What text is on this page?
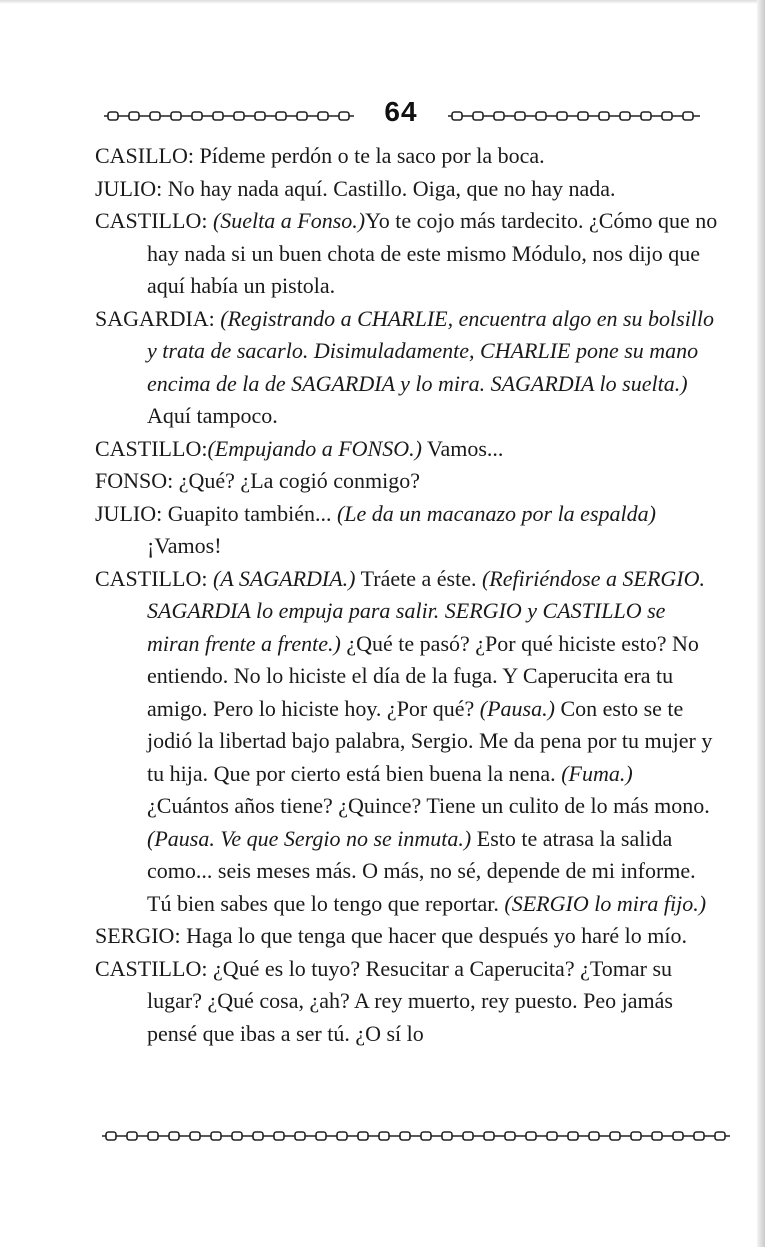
64

CASILLO: Pídeme perdón o te la saco por la boca.

JULIO: No hay nada aquí. Castillo. Oiga, que no hay nada.

CASTILLO: (Suelta a Fonso.)Yo te cojo más tardecito. ¿Cómo que no hay nada si un buen chota de este mismo Módulo, nos dijo que aquí había un pistola.

SAGARDIA: (Registrando a CHARLIE, encuentra algo en su bolsillo y trata de sacarlo. Disimuladamente, CHARLIE pone su mano encima de la de SAGARDIA y lo mira. SAGARDIA lo suelta.) Aquí tampoco.

CASTILLO:(Empujando a FONSO.) Vamos...

FONSO: ¿Qué? ¿La cogió conmigo?

JULIO: Guapito también... (Le da un macanazo por la espalda) ¡Vamos!

CASTILLO: (A SAGARDIA.) Tráete a éste. (Refiriéndose a SERGIO. SAGARDIA lo empuja para salir. SERGIO y CASTILLO se miran frente a frente.) ¿Qué te pasó? ¿Por qué hiciste esto? No entiendo. No lo hiciste el día de la fuga. Y Caperucita era tu amigo. Pero lo hiciste hoy. ¿Por qué? (Pausa.) Con esto se te jodió la libertad bajo palabra, Sergio. Me da pena por tu mujer y tu hija. Que por cierto está bien buena la nena. (Fuma.) ¿Cuántos años tiene? ¿Quince? Tiene un culito de lo más mono. (Pausa. Ve que Sergio no se inmuta.) Esto te atrasa la salida como... seis meses más. O más, no sé, depende de mi informe. Tú bien sabes que lo tengo que reportar. (SERGIO lo mira fijo.)

SERGIO: Haga lo que tenga que hacer que después yo haré lo mío.

CASTILLO: ¿Qué es lo tuyo? Resucitar a Caperucita? ¿Tomar su lugar? ¿Qué cosa, ¿ah? A rey muerto, rey puesto. Peo jamás pensé que ibas a ser tú. ¿O sí lo
